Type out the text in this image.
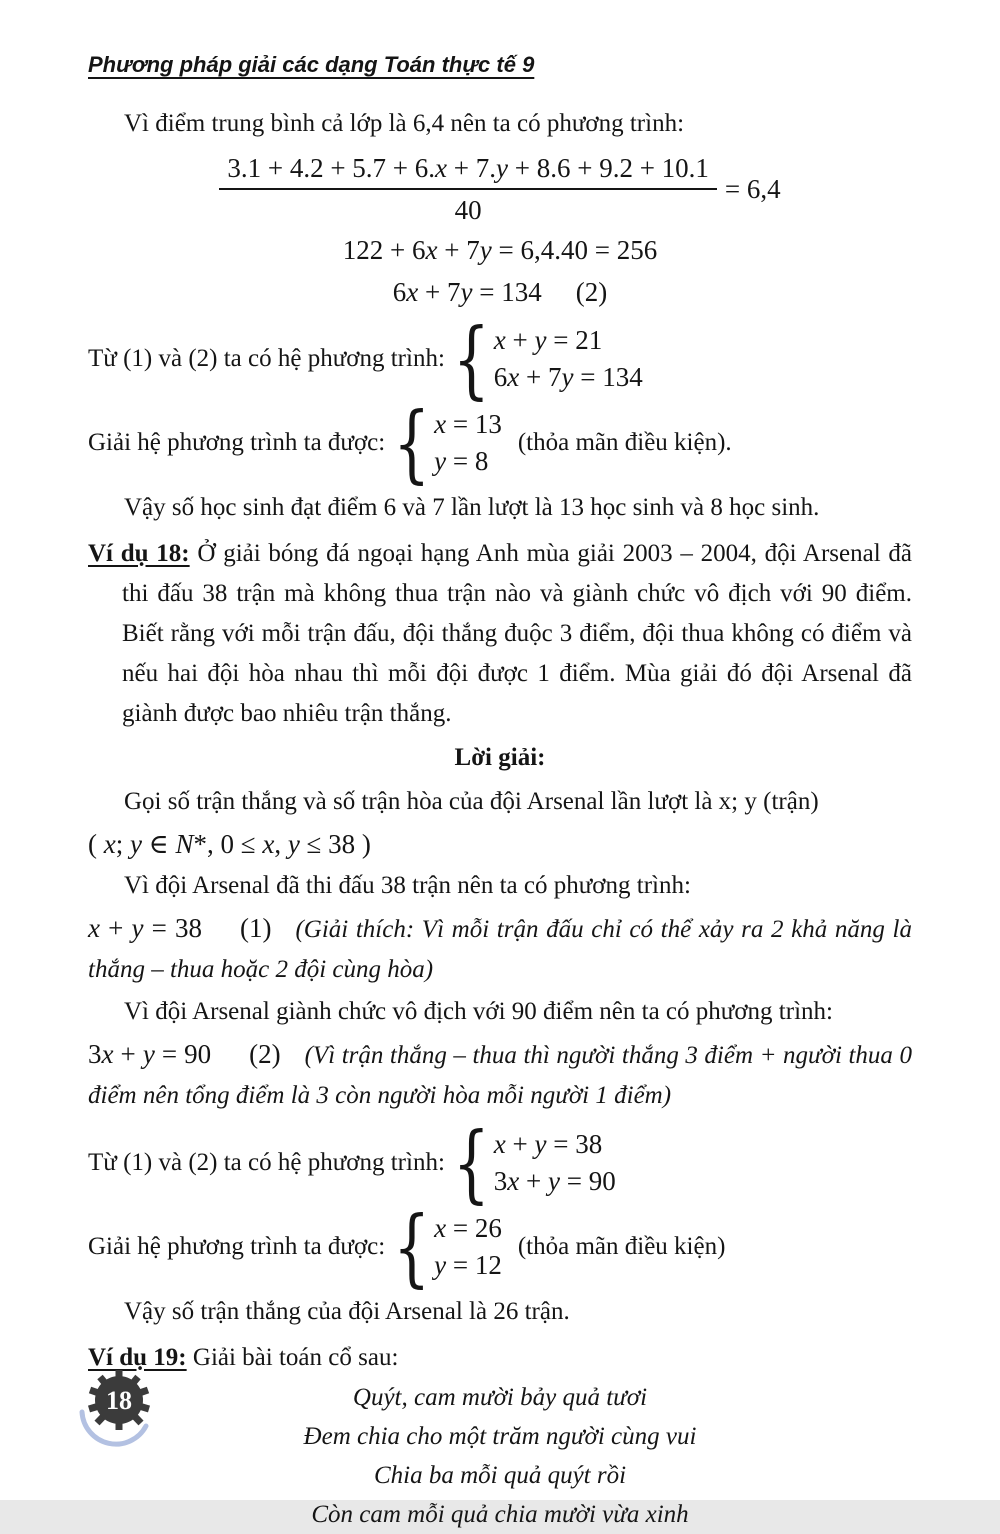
Phương pháp giải các dạng Toán thực tế 9

Vì điểm trung bình cả lớp là 6,4 nên ta có phương trình:

$\frac{3.1 + 4.2 + 5.7 + 6.x + 7.y + 8.6 + 9.2 + 10.1}{40} = 6,4$
122 + 6x + 7y = 6,4.40 = 256
6x + 7y = 134 (2)
Từ (1) và (2) ta có hệ phương trình: { x + y = 21
6x + 7y = 134
Giải hệ phương trình ta được: { x = 13
y = 8
(thỏa mãn điều kiện).

Vậy số học sinh đạt điểm 6 và 7 lần lượt là 13 học sinh và 8 học sinh.

Ví dụ 18: Ở giải bóng đá ngoại hạng Anh mùa giải 2003 – 2004, đội Arsenal đã thi đấu 38 trận mà không thua trận nào và giành chức vô địch với 90 điểm. Biết rằng với mỗi trận đấu, đội thắng đuộc 3 điểm, đội thua không có điểm và nếu hai đội hòa nhau thì mỗi đội được 1 điểm. Mùa giải đó đội Arsenal đã giành được bao nhiêu trận thắng.

Lời giải:

Gọi số trận thắng và số trận hòa của đội Arsenal lần lượt là x; y (trận)

( x; y ∈ N*, 0 ≤ x, y ≤ 38 )

Vì đội Arsenal đã thi đấu 38 trận nên ta có phương trình:

x + y = 38 (1) (Giải thích: Vì mỗi trận đấu chỉ có thể xảy ra 2 khả năng là thắng – thua hoặc 2 đội cùng hòa)

Vì đội Arsenal giành chức vô địch với 90 điểm nên ta có phương trình:

3x + y = 90 (2) (Vì trận thắng – thua thì người thắng 3 điểm + người thua 0 điểm nên tổng điểm là 3 còn người hòa mỗi người 1 điểm)

Từ (1) và (2) ta có hệ phương trình: { x + y = 38
3x + y = 90
Giải hệ phương trình ta được: { x = 26
y = 12
(thỏa mãn điều kiện)

Vậy số trận thắng của đội Arsenal là 26 trận.

Ví dụ 19: Giải bài toán cổ sau:

Quýt, cam mười bảy quả tươi

Đem chia cho một trăm người cùng vui

Chia ba mỗi quả quýt rồi

Còn cam mỗi quả chia mười vừa xinh

18
